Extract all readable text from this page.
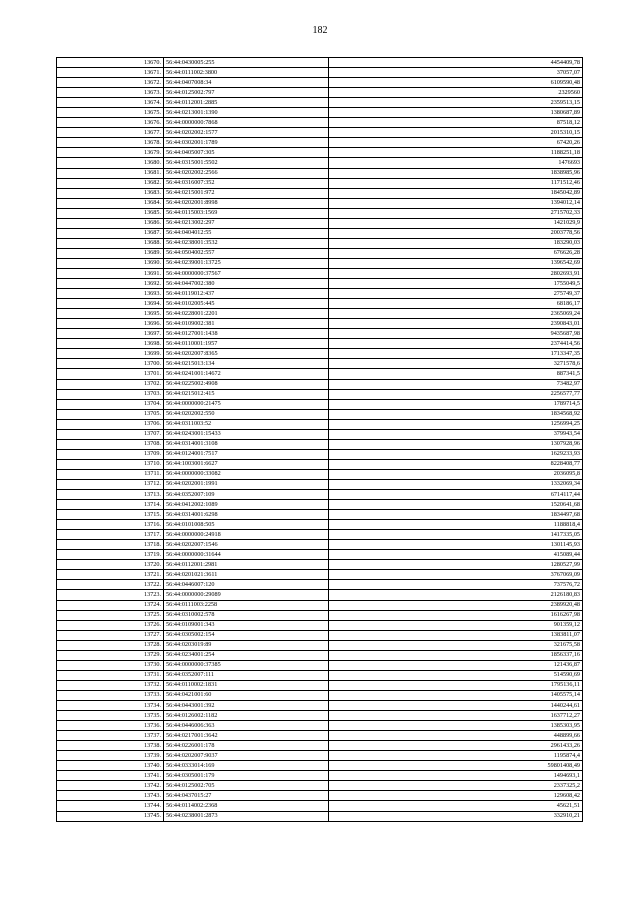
182
13670.	56:44:0430005:255	4454409,78
13671.	56:44:0111002:3800	37057,07
13672.	56:44:0407008:34	6109590,48
13673.	56:44:0125002:797	2329560
13674.	56:44:0112001:2885	2359513,15
13675.	56:44:0213001:1390	1380687,89
13676.	56:44:0000000:7868	87518,12
13677.	56:44:0202002:1577	2015310,15
13678.	56:44:0302001:1789	67420,26
13679.	56:44:0405007:305	1188251,18
13680.	56:44:0315001:5502	1476693
13681.	56:44:0202002:2566	1838985,96
13682.	56:44:0316007:352	1171512,46
13683.	56:44:0215001:972	1845042,89
13684.	56:44:0202001:8998	1394012,14
13685.	56:44:0115003:1569	2715702,33
13686.	56:44:0213002:297	1421029,9
13687.	56:44:0404012:55	2003778,56
13688.	56:44:0238001:3532	183290,03
13689.	56:44:0504002:557	676626,28
13690.	56:44:0239001:13725	1396542,69
13691.	56:44:0000000:37567	2802693,91
13692.	56:44:0447002:380	1755049,5
13693.	56:44:0119012:437	275749,37
13694.	56:44:0102005:445	68186,17
13695.	56:44:0228001:2201	2365069,24
13696.	56:44:0109002:381	2390843,01
13697.	56:44:0127001:1438	9435687,98
13698.	56:44:0110001:1957	2374414,56
13699.	56:44:0202007:8365	1713347,35
13700.	56:44:0215013:134	3271578,6
13701.	56:44:0241001:14672	887341,5
13702.	56:44:0225002:4908	73482,97
13703.	56:44:0215012:415	2256577,77
13704.	56:44:0000000:21475	1789714,5
13705.	56:44:0202002:550	1834568,92
13706.	56:44:0311003:52	1256994,25
13707.	56:44:0243001:15433	379943,54
13708.	56:44:0314001:3108	1307928,96
13709.	56:44:0124001:7517	1629233,93
13710.	56:44:1003001:6627	8228408,77
13711.	56:44:0000000:33082	2036095,8
13712.	56:44:0202001:1991	1332069,34
13713.	56:44:0352007:109	6714117,44
13714.	56:44:0412002:1089	1520641,68
13715.	56:44:0314001:6298	1834497,68
13716.	56:44:0101008:505	1188818,4
13717.	56:44:0000000:24918	1417335,05
13718.	56:44:0202007:1546	1301145,93
13719.	56:44:0000000:31644	415089,44
13720.	56:44:0112001:2981	1280527,99
13721.	56:44:0201021:3611	3767069,09
13722.	56:44:0446007:120	737576,72
13723.	56:44:0000000:29089	2126180,83
13724.	56:44:0111003:2258	2389920,48
13725.	56:44:0310002:578	1616267,98
13726.	56:44:0109001:343	901359,12
13727.	56:44:0305002:154	1383811,07
13728.	56:44:0203019:89	321675,58
13729.	56:44:0234001:254	1856337,16
13730.	56:44:0000000:37385	121436,87
13731.	56:44:0352007:111	514590,69
13732.	56:44:0110002:1831	1795136,11
13733.	56:44:0421001:60	1405575,14
13734.	56:44:0443001:392	1440244,61
13735.	56:44:0126002:1182	1637712,27
13736.	56:44:0446006:363	1385303,95
13737.	56:44:0217001:3642	448899,66
13738.	56:44:0226001:178	2961433,26
13739.	56:44:0202007:9037	1195874,4
13740.	56:44:0333014:169	59801408,49
13741.	56:44:0305001:179	1494693,1
13742.	56:44:0125002:705	2337325,2
13743.	56:44:0437015:27	129608,42
13744.	56:44:0114002:2368	45621,51
13745.	56:44:0238001:2873	332910,21
